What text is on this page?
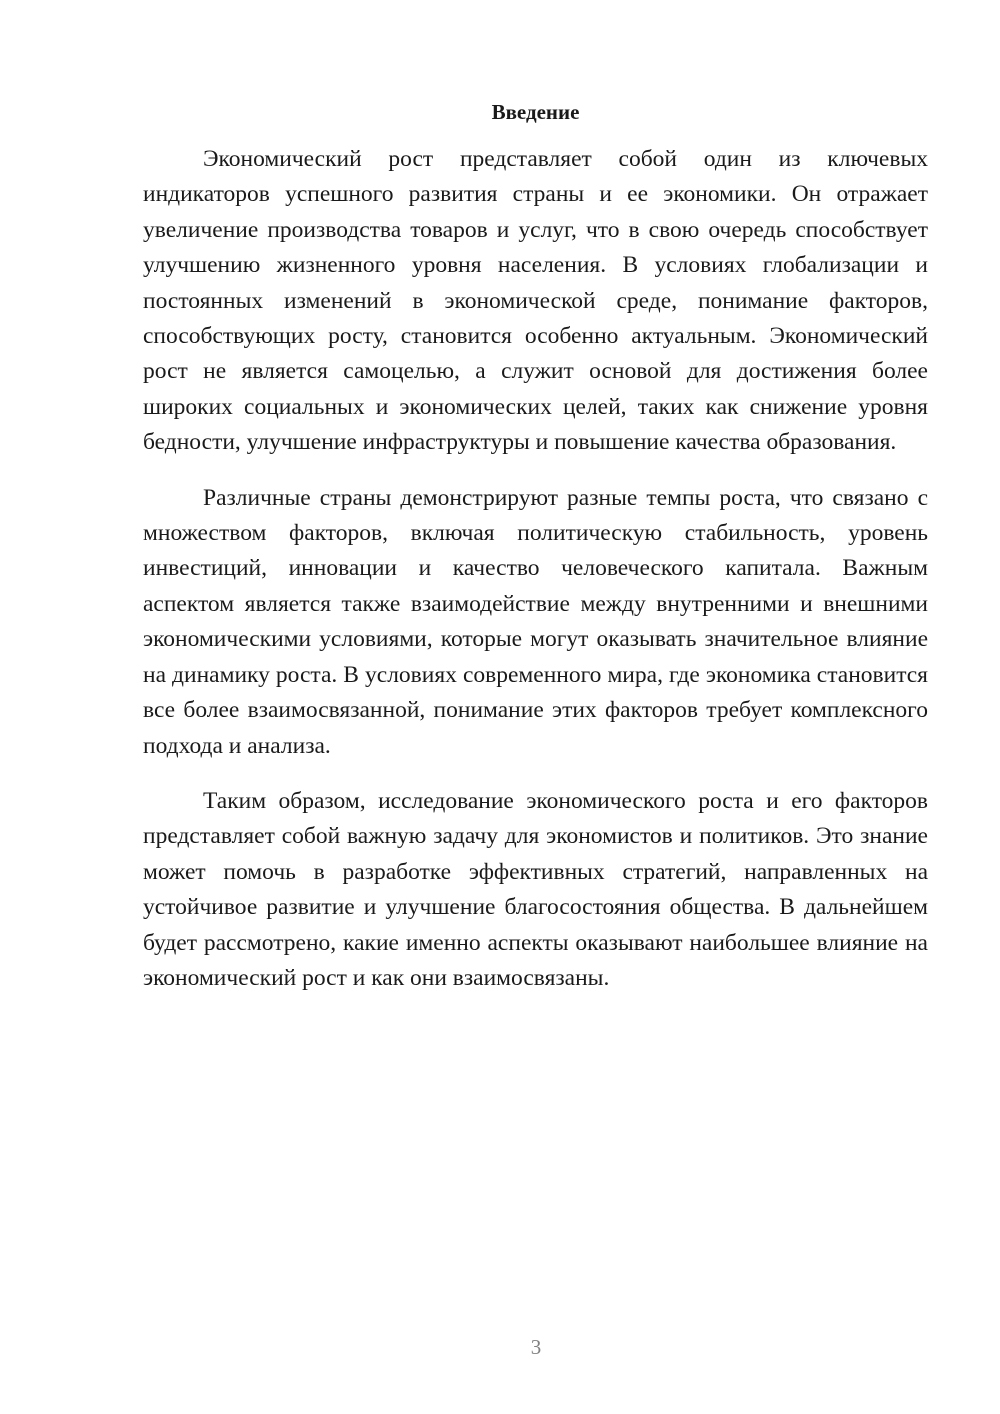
Введение

Экономический рост представляет собой один из ключевых индикаторов успешного развития страны и ее экономики. Он отражает увеличение производства товаров и услуг, что в свою очередь способствует улучшению жизненного уровня населения. В условиях глобализации и постоянных изменений в экономической среде, понимание факторов, способствующих росту, становится особенно актуальным. Экономический рост не является самоцелью, а служит основой для достижения более широких социальных и экономических целей, таких как снижение уровня бедности, улучшение инфраструктуры и повышение качества образования.

Различные страны демонстрируют разные темпы роста, что связано с множеством факторов, включая политическую стабильность, уровень инвестиций, инновации и качество человеческого капитала. Важным аспектом является также взаимодействие между внутренними и внешними экономическими условиями, которые могут оказывать значительное влияние на динамику роста. В условиях современного мира, где экономика становится все более взаимосвязанной, понимание этих факторов требует комплексного подхода и анализа.

Таким образом, исследование экономического роста и его факторов представляет собой важную задачу для экономистов и политиков. Это знание может помочь в разработке эффективных стратегий, направленных на устойчивое развитие и улучшение благосостояния общества. В дальнейшем будет рассмотрено, какие именно аспекты оказывают наибольшее влияние на экономический рост и как они взаимосвязаны.

3
